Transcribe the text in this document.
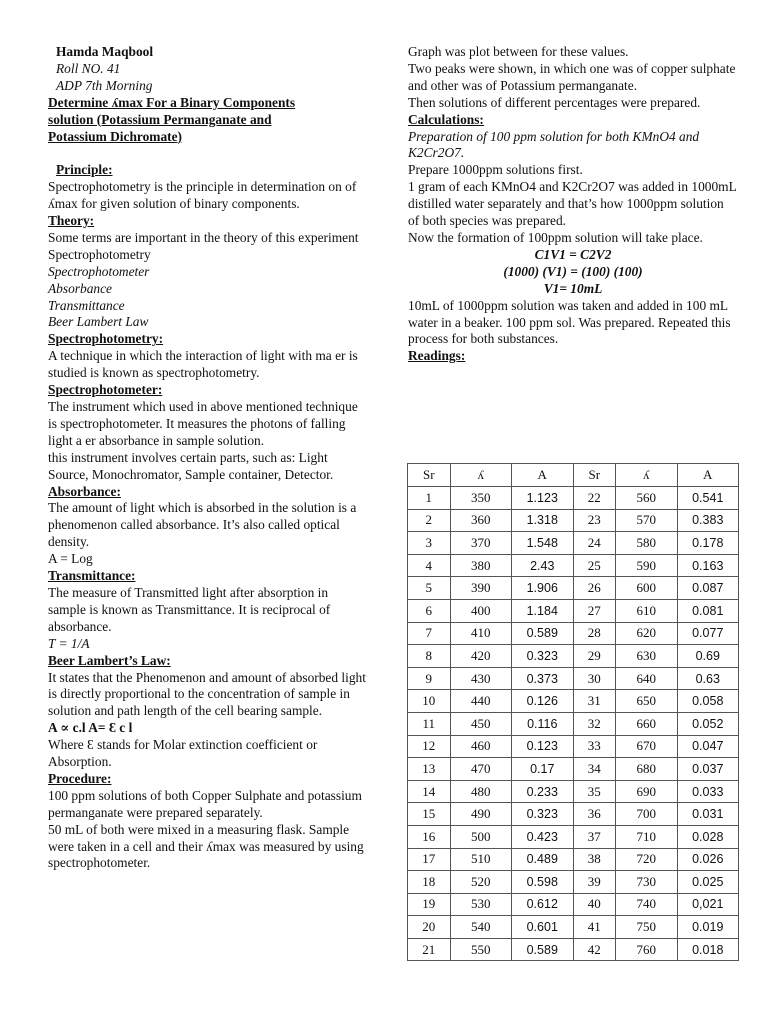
Hamda Maqbool

Roll NO. 41

ADP 7th Morning

Determine ʎmax For a Binary Components

solution (Potassium Permanganate and

Potassium Dichromate)

Principle:

Spectrophotometry is the principle in determination on of ʎmax for given solution of binary components.

Theory:

Some terms are important in the theory of this experiment Spectrophotometry

Spectrophotometer

Absorbance

Transmittance

Beer Lambert Law

Spectrophotometry:

A technique in which the interaction of light with ma er is studied is known as spectrophotometry.

Spectrophotometer:

The instrument which used in above mentioned technique is spectrophotometer. It measures the photons of falling light a er absorbance in sample solution.

this instrument involves certain parts, such as: Light Source, Monochromator, Sample container, Detector.

Absorbance:

The amount of light which is absorbed in the solution is a phenomenon called absorbance. It’s also called optical density.

A = Log

Transmittance:

The measure of Transmitted light after absorption in sample is known as Transmittance. It is reciprocal of absorbance.

T = 1/A

Beer Lambert’s Law:

It states that the Phenomenon and amount of absorbed light is directly proportional to the concentration of sample in solution and path length of the cell bearing sample.

A ∝ c.l A= Ɛ c l

Where Ɛ stands for Molar extinction coefficient or Absorption.

Procedure:

100 ppm solutions of both Copper Sulphate and potassium permanganate were prepared separately.

50 mL of both were mixed in a measuring flask. Sample were taken in a cell and their ʎmax was measured by using spectrophotometer.

Graph was plot between for these values.

Two peaks were shown, in which one was of copper sulphate and other was of Potassium permanganate.

Then solutions of different percentages were prepared.

Calculations:

Preparation of 100 ppm solution for both KMnO4 and K2Cr2O7.

Prepare 1000ppm solutions first.

1 gram of each KMnO4 and K2Cr2O7 was added in 1000mL distilled water separately and that’s how 1000ppm solution of both species was prepared.

Now the formation of 100ppm solution will take place.

C1V1 = C2V2

(1000) (V1) = (100) (100)

V1= 10mL

10mL of 1000ppm solution was taken and added in 100 mL water in a beaker. 100 ppm sol. Was prepared. Repeated this process for both substances.

Readings:

Sr	ʎ	A	Sr	ʎ	A
1	350	1.123	22	560	0.541
2	360	1.318	23	570	0.383
3	370	1.548	24	580	0.178
4	380	2.43	25	590	0.163
5	390	1.906	26	600	0.087
6	400	1.184	27	610	0.081
7	410	0.589	28	620	0.077
8	420	0.323	29	630	0.69
9	430	0.373	30	640	0.63
10	440	0.126	31	650	0.058
11	450	0.116	32	660	0.052
12	460	0.123	33	670	0.047
13	470	0.17	34	680	0.037
14	480	0.233	35	690	0.033
15	490	0.323	36	700	0.031
16	500	0.423	37	710	0.028
17	510	0.489	38	720	0.026
18	520	0.598	39	730	0.025
19	530	0.612	40	740	0,021
20	540	0.601	41	750	0.019
21	550	0.589	42	760	0.018
